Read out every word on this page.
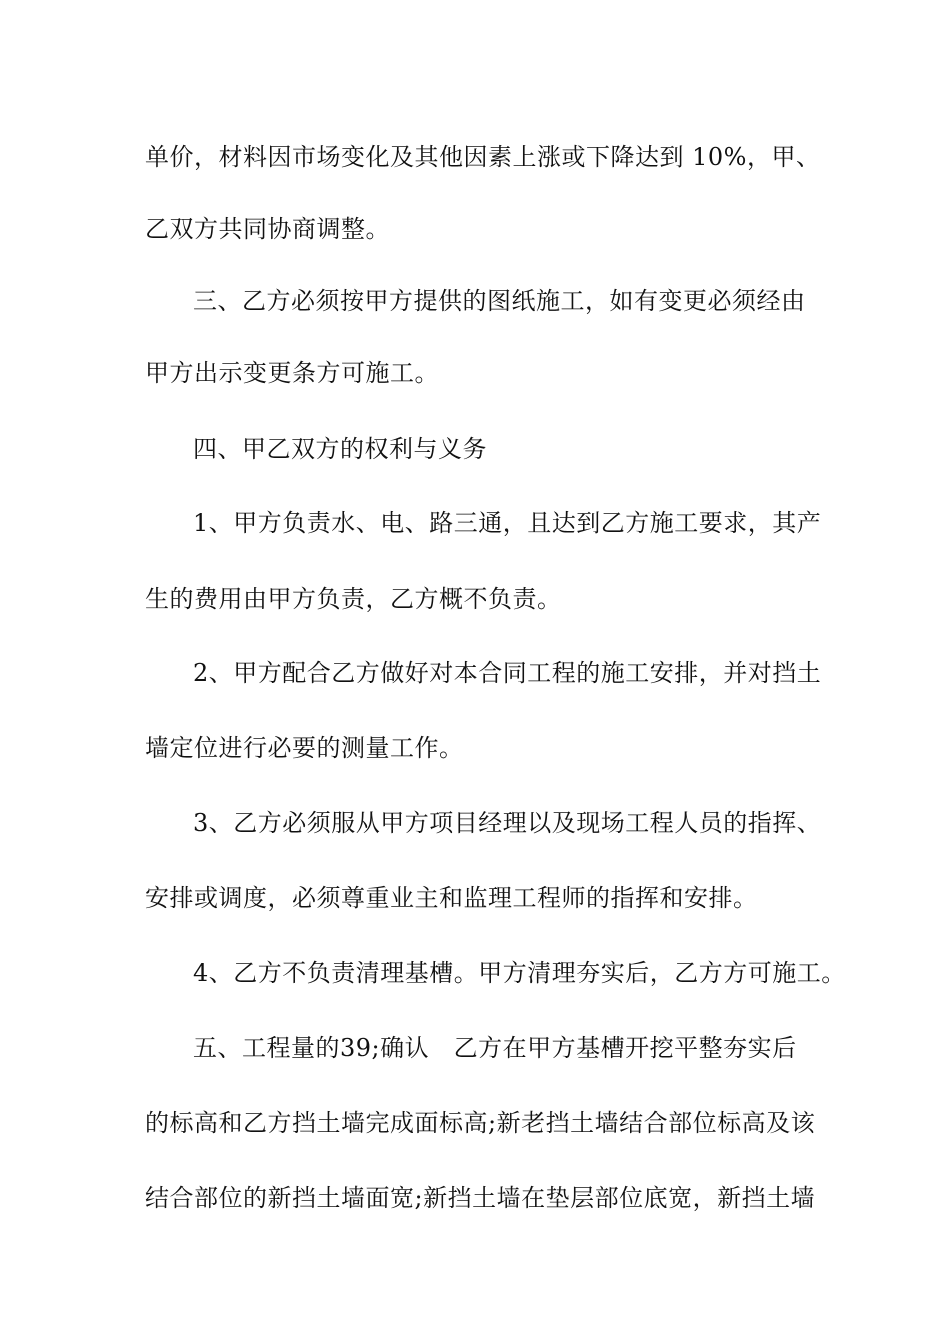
单价，材料因市场变化及其他因素上涨或下降达到 10%，甲、
乙双方共同协商调整。
三、乙方必须按甲方提供的图纸施工，如有变更必须经由
甲方出示变更条方可施工。
四、甲乙双方的权利与义务
1、甲方负责水、电、路三通，且达到乙方施工要求，其产
生的费用由甲方负责，乙方概不负责。
2、甲方配合乙方做好对本合同工程的施工安排，并对挡土
墙定位进行必要的测量工作。
3、乙方必须服从甲方项目经理以及现场工程人员的指挥、
安排或调度，必须尊重业主和监理工程师的指挥和安排。
4、乙方不负责清理基槽。甲方清理夯实后，乙方方可施工。
五、工程量的39;确认　乙方在甲方基槽开挖平整夯实后
的标高和乙方挡土墙完成面标高;新老挡土墙结合部位标高及该
结合部位的新挡土墙面宽;新挡土墙在垫层部位底宽，新挡土墙
